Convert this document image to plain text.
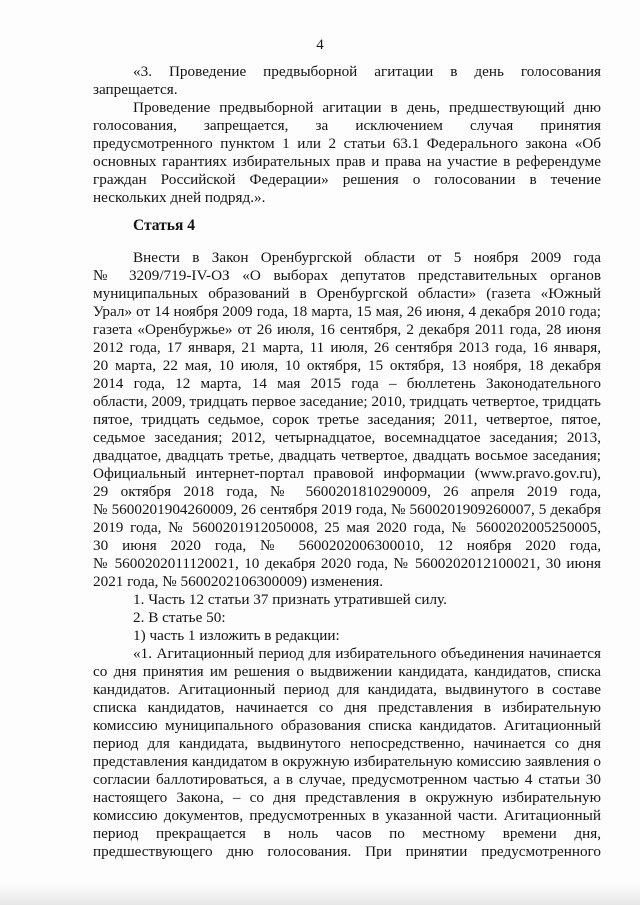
4
«3. Проведение предвыборной агитации в день голосования
запрещается.
Проведение предвыборной агитации в день, предшествующий дню
голосования, запрещается, за исключением случая принятия
предусмотренного пунктом 1 или 2 статьи 63.1 Федерального закона «Об
основных гарантиях избирательных прав и права на участие в референдуме
граждан Российской Федерации» решения о голосовании в течение
нескольких дней подряд.».
Статья 4
Внести в Закон Оренбургской области от 5 ноября 2009 года
№ 3209/719-IV-ОЗ «О выборах депутатов представительных органов
муниципальных образований в Оренбургской области» (газета «Южный
Урал» от 14 ноября 2009 года, 18 марта, 15 мая, 26 июня, 4 декабря 2010 года;
газета «Оренбуржье» от 26 июля, 16 сентября, 2 декабря 2011 года, 28 июня
2012 года, 17 января, 21 марта, 11 июля, 26 сентября 2013 года, 16 января,
20 марта, 22 мая, 10 июля, 10 октября, 15 октября, 13 ноября, 18 декабря
2014 года, 12 марта, 14 мая 2015 года – бюллетень Законодательного
области, 2009, тридцать первое заседание; 2010, тридцать четвертое, тридцать
пятое, тридцать седьмое, сорок третье заседания; 2011, четвертое, пятое,
седьмое заседания; 2012, четырнадцатое, восемнадцатое заседания; 2013,
двадцатое, двадцать третье, двадцать четвертое, двадцать восьмое заседания;
Официальный интернет-портал правовой информации (www.pravo.gov.ru),
29 октября 2018 года, № 5600201810290009, 26 апреля 2019 года,
№ 5600201904260009, 26 сентября 2019 года, № 5600201909260007, 5 декабря
2019 года, № 5600201912050008, 25 мая 2020 года, № 5600202005250005,
30 июня 2020 года, № 5600202006300010, 12 ноября 2020 года,
№ 5600202011120021, 10 декабря 2020 года, № 5600202012100021, 30 июня
2021 года, № 5600202106300009) изменения.
1. Часть 12 статьи 37 признать утратившей силу.
2. В статье 50:
1) часть 1 изложить в редакции:
«1. Агитационный период для избирательного объединения начинается
со дня принятия им решения о выдвижении кандидата, кандидатов, списка
кандидатов. Агитационный период для кандидата, выдвинутого в составе
списка кандидатов, начинается со дня представления в избирательную
комиссию муниципального образования списка кандидатов. Агитационный
период для кандидата, выдвинутого непосредственно, начинается со дня
представления кандидатом в окружную избирательную комиссию заявления о
согласии баллотироваться, а в случае, предусмотренном частью 4 статьи 30
настоящего Закона, – со дня представления в окружную избирательную
комиссию документов, предусмотренных в указанной части. Агитационный
период прекращается в ноль часов по местному времени дня,
предшествующего дню голосования. При принятии предусмотренного
